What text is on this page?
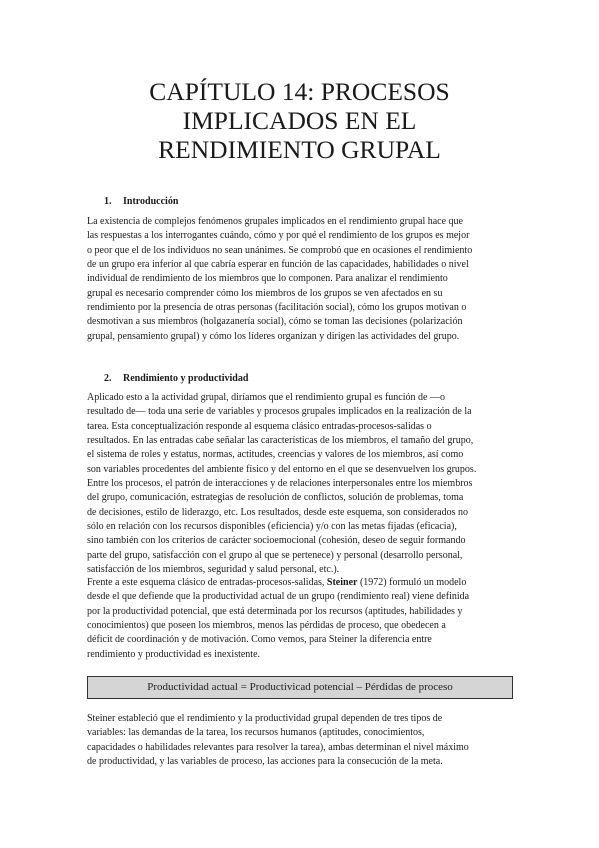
CAPÍTULO 14: PROCESOS
IMPLICADOS EN EL
RENDIMIENTO GRUPAL
1. Introducción

La existencia de complejos fenómenos grupales implicados en el rendimiento grupal hace que
las respuestas a los interrogantes cuándo, cómo y por qué el rendimiento de los grupos es mejor
o peor que el de los individuos no sean unánimes. Se comprobó que en ocasiones el rendimiento
de un grupo era inferior al que cabría esperar en función de las capacidades, habilidades o nivel
individual de rendimiento de los miembros que lo componen. Para analizar el rendimiento
grupal es necesario comprender cómo los miembros de los grupos se ven afectados en su
rendimiento por la presencia de otras personas (facilitación social), cómo los grupos motivan o
desmotivan a sus miembros (holgazanería social), cómo se toman las decisiones (polarización
grupal, pensamiento grupal) y cómo los líderes organizan y dirigen las actividades del grupo.

2. Rendimiento y productividad

Aplicado esto a la actividad grupal, diríamos que el rendimiento grupal es función de —o
resultado de— toda una serie de variables y procesos grupales implicados en la realización de la
tarea. Esta conceptualización responde al esquema clásico entradas-procesos-salidas o
resultados. En las entradas cabe señalar las características de los miembros, el tamaño del grupo,
el sistema de roles y estatus, normas, actitudes, creencias y valores de los miembros, así como
son variables procedentes del ambiente físico y del entorno en el que se desenvuelven los grupos.
Entre los procesos, el patrón de interacciones y de relaciones interpersonales entre los miembros
del grupo, comunicación, estrategias de resolución de conflictos, solución de problemas, toma
de decisiones, estilo de liderazgo, etc. Los resultados, desde este esquema, son considerados no
sólo en relación con los recursos disponibles (eficiencia) y/o con las metas fijadas (eficacia),
sino también con los criterios de carácter socioemocional (cohesión, deseo de seguir formando
parte del grupo, satisfacción con el grupo al que se pertenece) y personal (desarrollo personal,
satisfacción de los miembros, seguridad y salud personal, etc.).

Frente a este esquema clásico de entradas-procesos-salidas, Steiner (1972) formuló un modelo
desde el que defiende que la productividad actual de un grupo (rendimiento real) viene definida
por la productividad potencial, que está determinada por los recursos (aptitudes, habilidades y
conocimientos) que poseen los miembros, menos las pérdidas de proceso, que obedecen a
déficit de coordinación y de motivación. Como vemos, para Steiner la diferencia entre
rendimiento y productividad es inexistente.

Productividad actual = Productivicad potencial – Pérdidas de proceso

Steiner estableció que el rendimiento y la productividad grupal dependen de tres tipos de
variables: las demandas de la tarea, los recursos humanos (aptitudes, conocimientos,
capacidades o habilidades relevantes para resolver la tarea), ambas determinan el nivel máximo
de productividad, y las variables de proceso, las acciones para la consecución de la meta.
